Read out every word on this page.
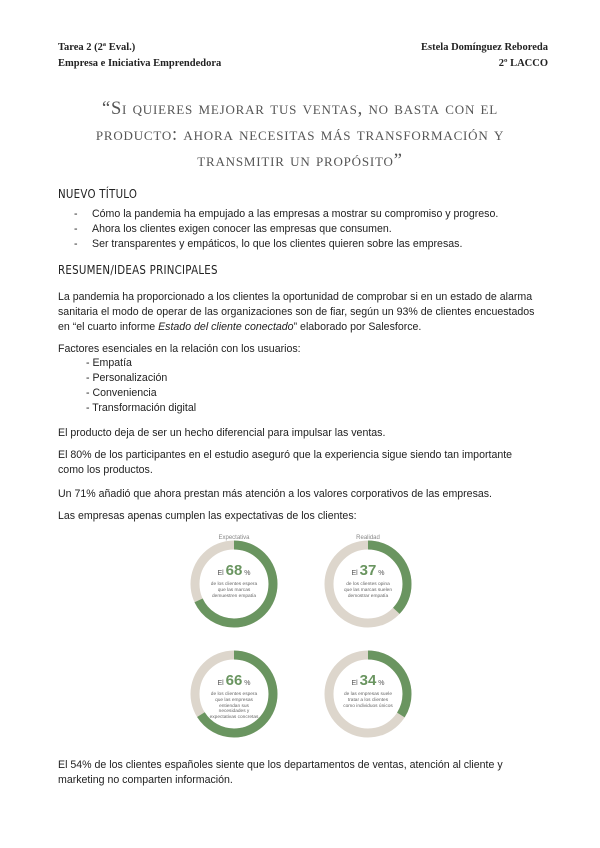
Tarea 2 (2ª Eval.)
Empresa e Iniciativa Emprendedora
Estela Domínguez Reboreda
2º LACCO
“Si quieres mejorar tus ventas, no basta con el
producto: ahora necesitas más transformación y
transmitir un propósito”
NUEVO TÍTULO
- Cómo la pandemia ha empujado a las empresas a mostrar su compromiso y progreso.
- Ahora los clientes exigen conocer las empresas que consumen.
- Ser transparentes y empáticos, lo que los clientes quieren sobre las empresas.
RESUMEN/IDEAS PRINCIPALES
La pandemia ha proporcionado a los clientes la oportunidad de comprobar si en un estado de alarma
sanitaria el modo de operar de las organizaciones son de fiar, según un 93% de clientes encuestados
en “el cuarto informe Estado del cliente conectado” elaborado por Salesforce.
Factores esenciales en la relación con los usuarios:
- Empatía
- Personalización
- Conveniencia
- Transformación digital
El producto deja de ser un hecho diferencial para impulsar las ventas.
El 80% de los participantes en el estudio aseguró que la experiencia sigue siendo tan importante
como los productos.
Un 71% añadió que ahora prestan más atención a los valores corporativos de las empresas.
Las empresas apenas cumplen las expectativas de los clientes:
Expectativa	Realidad
El 68 %
de los clientes espera que las marcas demuestren empatía
El 37 %
de los clientes opina que las marcas suelen demostrar empatía
El 66 %
de los clientes espera que las empresas entiendan sus necesidades y expectativas concretas
El 34 %
de las empresas suele tratar a los clientes como individuos únicos
El 54% de los clientes españoles siente que los departamentos de ventas, atención al cliente y
marketing no comparten información.
